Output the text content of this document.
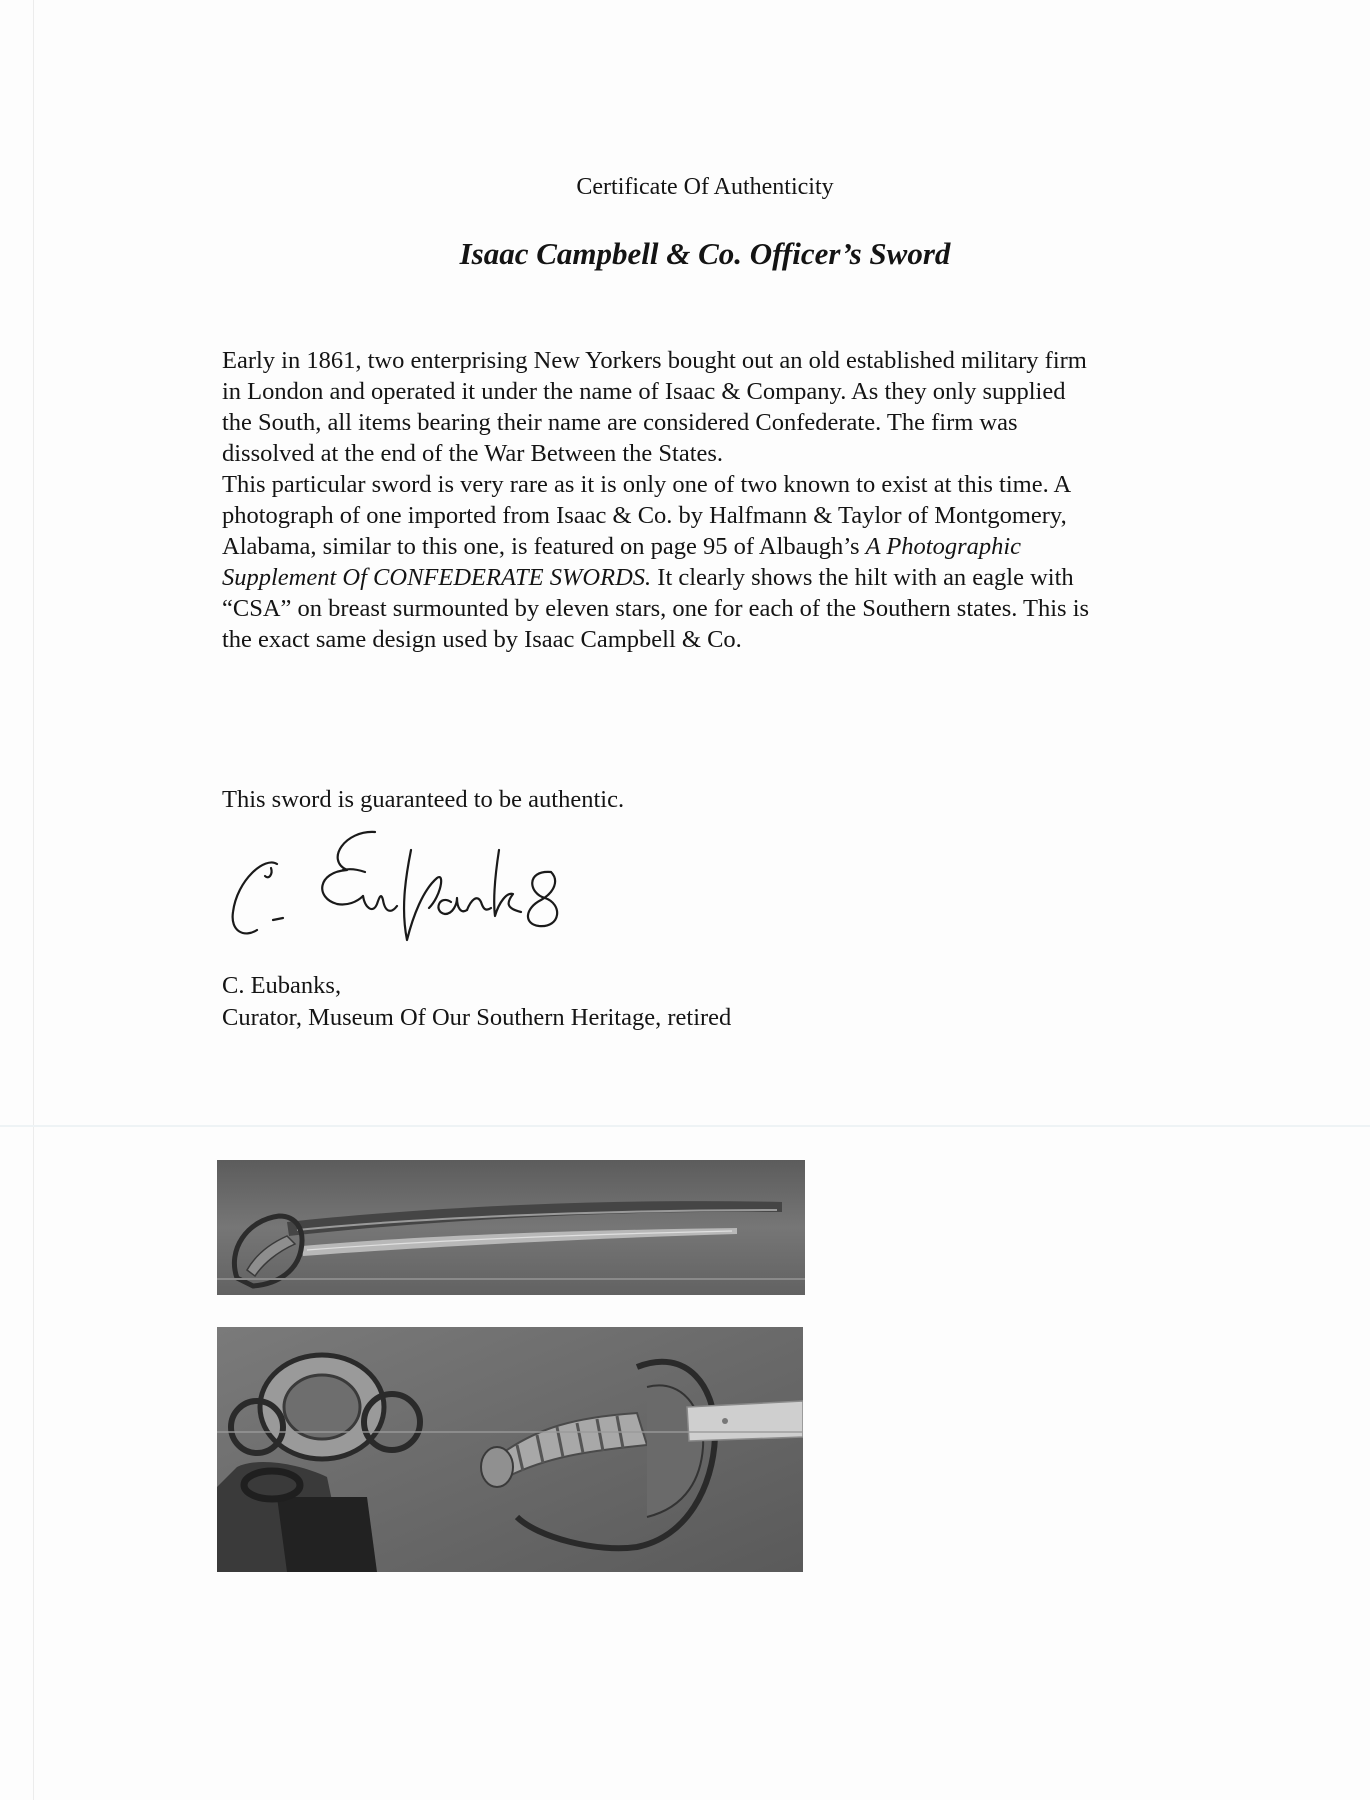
Certificate Of Authenticity
Isaac Campbell & Co. Officer’s Sword

Early in 1861, two enterprising New Yorkers bought out an old established military firm
in London and operated it under the name of Isaac & Company. As they only supplied
the South, all items bearing their name are considered Confederate. The firm was
dissolved at the end of the War Between the States.

This particular sword is very rare as it is only one of two known to exist at this time. A
photograph of one imported from Isaac & Co. by Halfmann & Taylor of Montgomery,
Alabama, similar to this one, is featured on page 95 of Albaugh’s A Photographic
Supplement Of CONFEDERATE SWORDS. It clearly shows the hilt with an eagle with
“CSA” on breast surmounted by eleven stars, one for each of the Southern states. This is
the exact same design used by Isaac Campbell & Co.

This sword is guaranteed to be authentic.
C. Eubanks,
Curator, Museum Of Our Southern Heritage, retired
